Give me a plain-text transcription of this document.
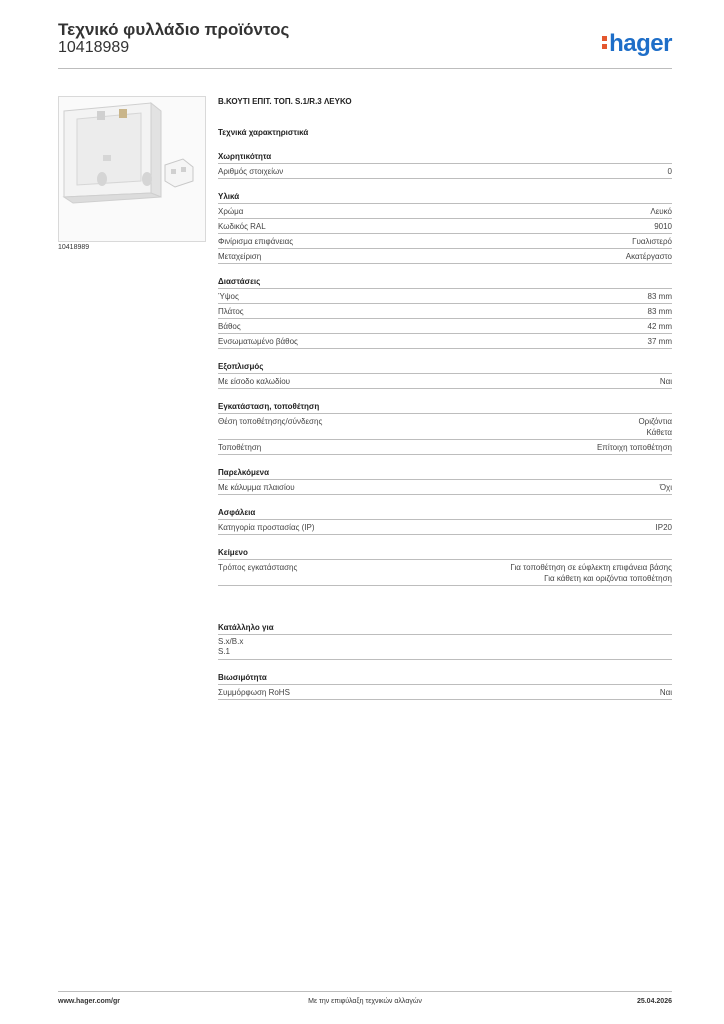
Τεχνικό φυλλάδιο προϊόντος
10418989	hager
10418989
Β.ΚΟΥΤΙ ΕΠΙΤ. ΤΟΠ. S.1/R.3 ΛΕΥΚΟ
Τεχνικά χαρακτηριστικά
Χωρητικότητα
Αριθμός στοιχείων	0
Υλικά
Χρώμα	Λευκό
Κωδικός RAL	9010
Φινίρισμα επιφάνειας	Γυαλιστερό
Μεταχείριση	Ακατέργαστο
Διαστάσεις
Ύψος	83 mm
Πλάτος	83 mm
Βάθος	42 mm
Ενσωματωμένο βάθος	37 mm
Εξοπλισμός
Με είσοδο καλωδίου	Ναι
Εγκατάσταση, τοποθέτηση
Θέση τοποθέτησης/σύνδεσης	Οριζόντια
Κάθετα
Τοποθέτηση	Επίτοιχη τοποθέτηση
Παρελκόμενα
Με κάλυμμα πλαισίου	Όχι
Ασφάλεια
Κατηγορία προστασίας (IP)	IP20
Κείμενο
Τρόπος εγκατάστασης	Για τοποθέτηση σε εύφλεκτη επιφάνεια βάσης
Για κάθετη και οριζόντια τοποθέτηση
Κατάλληλο για
S.x/B.x
S.1
Βιωσιμότητα
Συμμόρφωση RoHS	Ναι
www.hager.com/gr	Με την επιφύλαξη τεχνικών αλλαγών	25.04.2026
